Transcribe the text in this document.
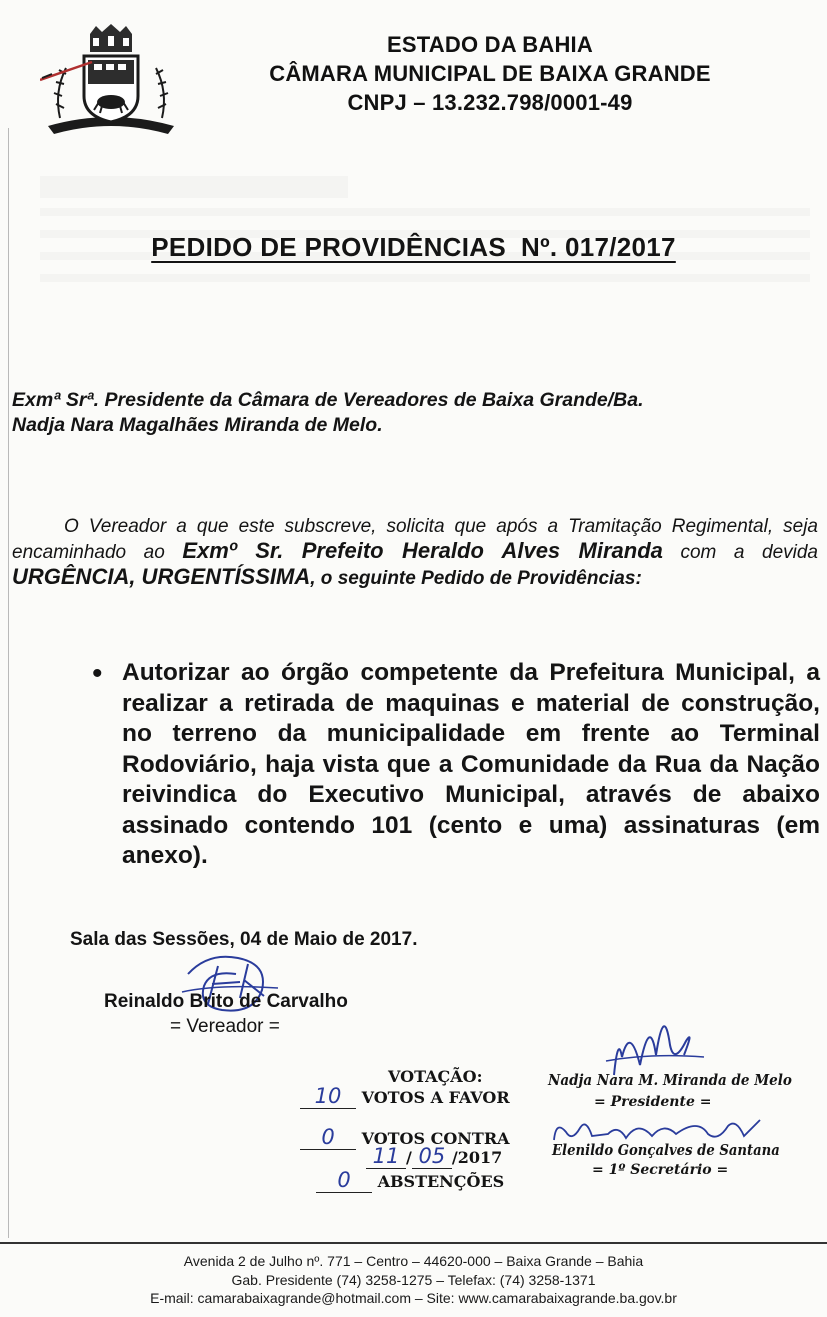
ESTADO DA BAHIA
CÂMARA MUNICIPAL DE BAIXA GRANDE
CNPJ – 13.232.798/0001-49
PEDIDO DE PROVIDÊNCIAS  Nº. 017/2017
Exmª Srª. Presidente da Câmara de Vereadores de Baixa Grande/Ba.
Nadja Nara Magalhães Miranda de Melo.
O Vereador a que este subscreve, solicita que após a Tramitação Regimental, seja encaminhado ao Exmº Sr. Prefeito Heraldo Alves Miranda com a devida URGÊNCIA, URGENTÍSSIMA, o seguinte Pedido de Providências:
• Autorizar ao órgão competente da Prefeitura Municipal, a realizar a retirada de maquinas e material de construção, no terreno da municipalidade em frente ao Terminal Rodoviário, haja vista que a Comunidade da Rua da Nação reivindica do Executivo Municipal, através de abaixo assinado contendo 101 (cento e uma) assinaturas (em anexo).
Sala das Sessões, 04 de Maio de 2017.
Reinaldo Brito de Carvalho
= Vereador =
VOTAÇÃO:
10 VOTOS A FAVOR
0 VOTOS CONTRA
11 / 05 /2017
0 ABSTENÇÕES
Nadja Nara M. Miranda de Melo
= Presidente =
Elenildo Gonçalves de Santana
= 1º Secretário =
Avenida 2 de Julho nº. 771 – Centro – 44620-000 – Baixa Grande – Bahia
Gab. Presidente (74) 3258-1275 – Telefax: (74) 3258-1371
E-mail: camarabaixagrande@hotmail.com – Site: www.camarabaixagrande.ba.gov.br
